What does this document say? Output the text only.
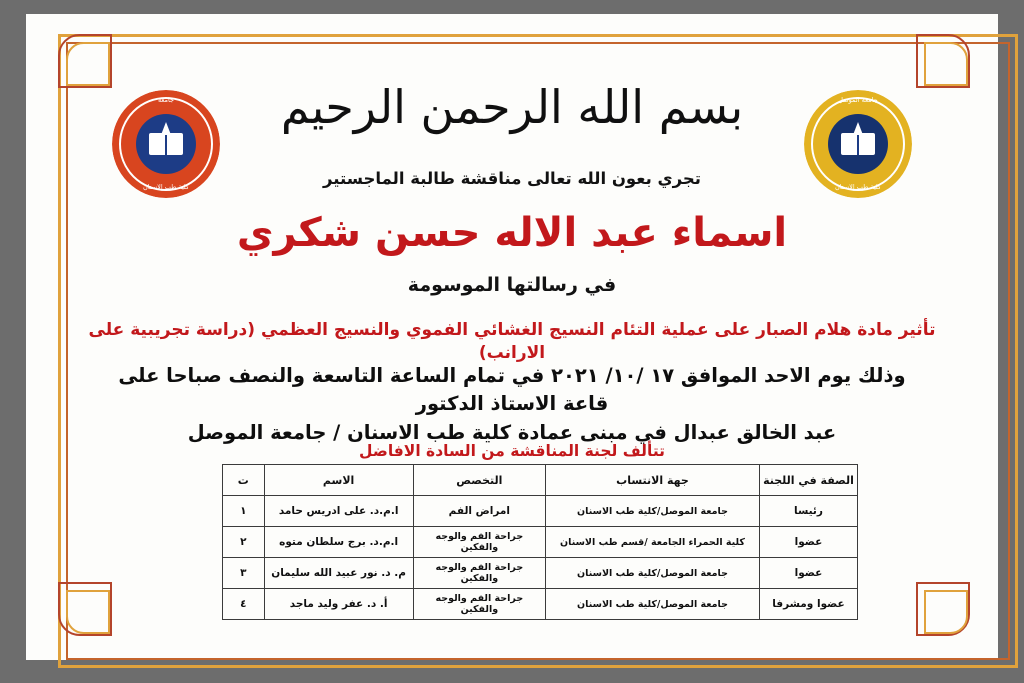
جامعة
كلية طب الاسنان
جامعة الموصل
كلية طب الاسنان
بسم الله الرحمن الرحيم
تجري بعون الله تعالى مناقشة طالبة الماجستير
اسماء عبد الاله حسن شكري
في رسالتها الموسومة
تأثير مادة هلام الصبار على عملية التئام النسيج الغشائي الفموي والنسيج العظمي (دراسة تجريبية على الارانب)
وذلك يوم الاحد الموافق ١٧ /١٠/ ٢٠٢١ في تمام الساعة التاسعة والنصف صباحا على قاعة الاستاذ الدكتور
عبد الخالق عبدال في مبنى عمادة كلية طب الاسنان / جامعة الموصل
تتألف لجنة المناقشة من السادة الافاضل
الصفة في اللجنة	جهة الانتساب	التخصص	الاسم	ت
رئيسا	جامعة الموصل/كلية طب الاسنان	امراض الفم	ا.م.د. على ادريس حامد	١
عضوا	كلية الحمراء الجامعة /قسم طب الاسنان	جراحة الفم والوجه والفكين	ا.م.د. برج سلطان متوه	٢
عضوا	جامعة الموصل/كلية طب الاسنان	جراحة الفم والوجه والفكين	م. د. نور عبيد الله سليمان	٣
عضوا ومشرفا	جامعة الموصل/كلية طب الاسنان	جراحة الفم والوجه والفكين	أ. د. عفر وليد ماجد	٤
